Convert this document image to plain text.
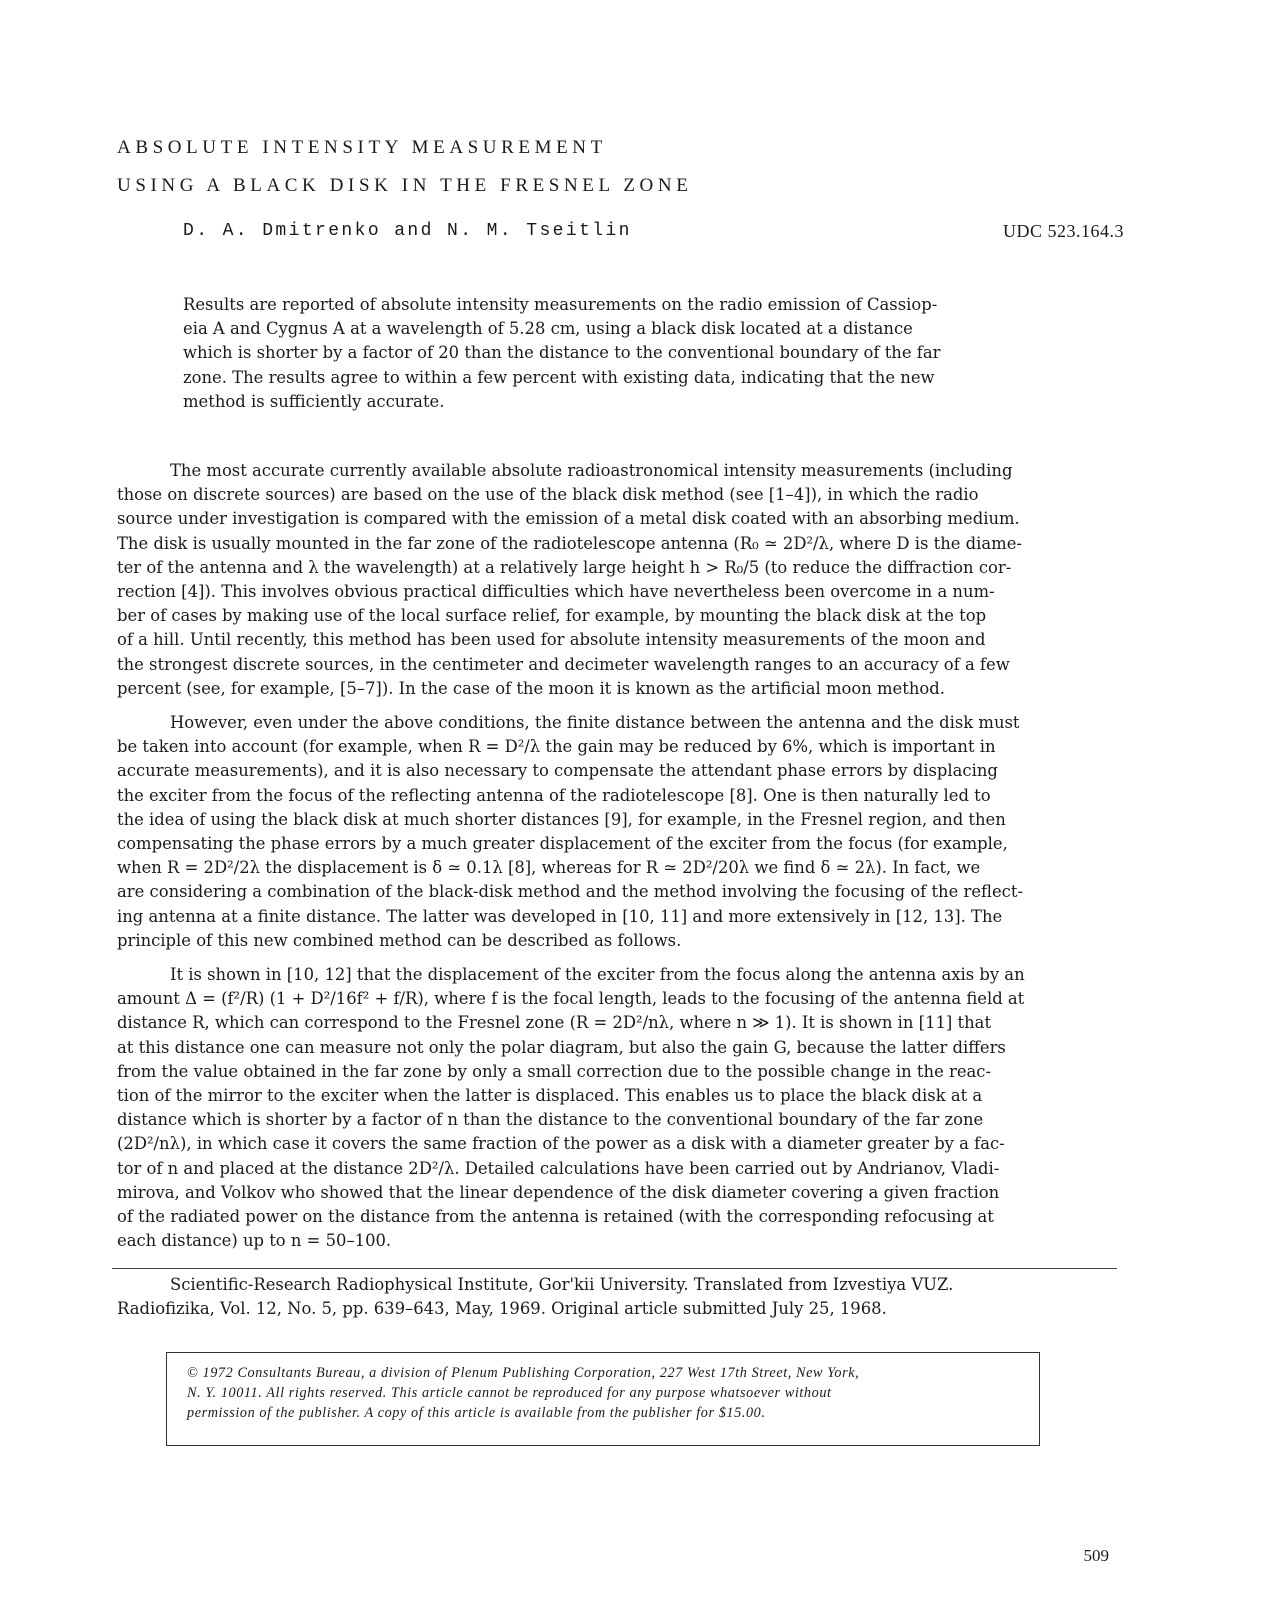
ABSOLUTE INTENSITY MEASUREMENT
USING A BLACK DISK IN THE FRESNEL ZONE
D. A. Dmitrenko and N. M. Tseitlin	UDC 523.164.3
Results are reported of absolute intensity measurements on the radio emission of Cassiop-
eia A and Cygnus A at a wavelength of 5.28 cm, using a black disk located at a distance
which is shorter by a factor of 20 than the distance to the conventional boundary of the far
zone. The results agree to within a few percent with existing data, indicating that the new
method is sufficiently accurate.
The most accurate currently available absolute radioastronomical intensity measurements (including
those on discrete sources) are based on the use of the black disk method (see [1–4]), in which the radio
source under investigation is compared with the emission of a metal disk coated with an absorbing medium.
The disk is usually mounted in the far zone of the radiotelescope antenna (R₀ ≃ 2D²/λ, where D is the diame-
ter of the antenna and λ the wavelength) at a relatively large height h > R₀/5 (to reduce the diffraction cor-
rection [4]). This involves obvious practical difficulties which have nevertheless been overcome in a num-
ber of cases by making use of the local surface relief, for example, by mounting the black disk at the top
of a hill. Until recently, this method has been used for absolute intensity measurements of the moon and
the strongest discrete sources, in the centimeter and decimeter wavelength ranges to an accuracy of a few
percent (see, for example, [5–7]). In the case of the moon it is known as the artificial moon method.
However, even under the above conditions, the finite distance between the antenna and the disk must
be taken into account (for example, when R = D²/λ the gain may be reduced by 6%, which is important in
accurate measurements), and it is also necessary to compensate the attendant phase errors by displacing
the exciter from the focus of the reflecting antenna of the radiotelescope [8]. One is then naturally led to
the idea of using the black disk at much shorter distances [9], for example, in the Fresnel region, and then
compensating the phase errors by a much greater displacement of the exciter from the focus (for example,
when R = 2D²/2λ the displacement is δ ≃ 0.1λ [8], whereas for R ≃ 2D²/20λ we find δ ≃ 2λ). In fact, we
are considering a combination of the black-disk method and the method involving the focusing of the reflect-
ing antenna at a finite distance. The latter was developed in [10, 11] and more extensively in [12, 13]. The
principle of this new combined method can be described as follows.
It is shown in [10, 12] that the displacement of the exciter from the focus along the antenna axis by an
amount Δ = (f²/R) (1 + D²/16f² + f/R), where f is the focal length, leads to the focusing of the antenna field at
distance R, which can correspond to the Fresnel zone (R = 2D²/nλ, where n ≫ 1). It is shown in [11] that
at this distance one can measure not only the polar diagram, but also the gain G, because the latter differs
from the value obtained in the far zone by only a small correction due to the possible change in the reac-
tion of the mirror to the exciter when the latter is displaced. This enables us to place the black disk at a
distance which is shorter by a factor of n than the distance to the conventional boundary of the far zone
(2D²/nλ), in which case it covers the same fraction of the power as a disk with a diameter greater by a fac-
tor of n and placed at the distance 2D²/λ. Detailed calculations have been carried out by Andrianov, Vladi-
mirova, and Volkov who showed that the linear dependence of the disk diameter covering a given fraction
of the radiated power on the distance from the antenna is retained (with the corresponding refocusing at
each distance) up to n = 50–100.
Scientific-Research Radiophysical Institute, Gor'kii University. Translated from Izvestiya VUZ.
Radiofizika, Vol. 12, No. 5, pp. 639–643, May, 1969. Original article submitted July 25, 1968.
© 1972 Consultants Bureau, a division of Plenum Publishing Corporation, 227 West 17th Street, New York,
N. Y. 10011. All rights reserved. This article cannot be reproduced for any purpose whatsoever without
permission of the publisher. A copy of this article is available from the publisher for $15.00.
509
